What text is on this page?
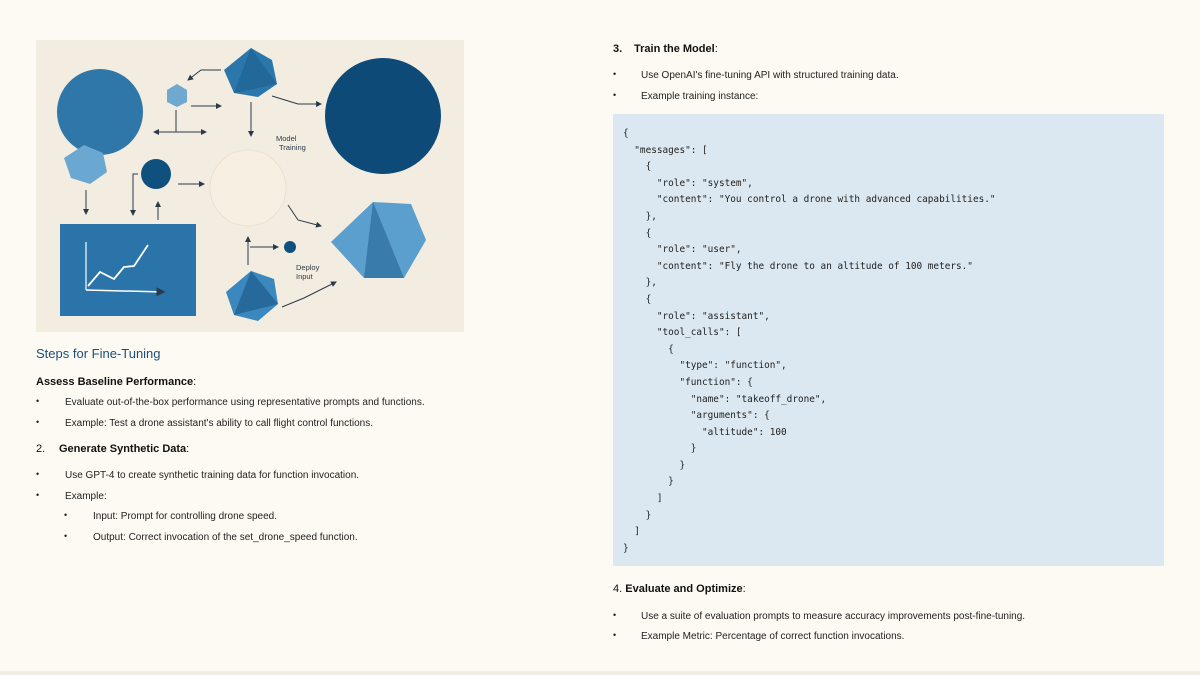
Model
Training
Deploy
Input
Steps for Fine-Tuning
Assess Baseline Performance:
•	Evaluate out-of-the-box performance using representative prompts and functions.
•	Example: Test a drone assistant's ability to call flight control functions.
2. Generate Synthetic Data:
•	Use GPT-4 to create synthetic training data for function invocation.
•	Example:
•	Input: Prompt for controlling drone speed.
•	Output: Correct invocation of the set_drone_speed function.
3. Train the Model:
• Use OpenAI's fine-tuning API with structured training data.
• Example training instance:
{
"messages": [
{
"role": "system",
"content": "You control a drone with advanced capabilities."
},
{
"role": "user",
"content": "Fly the drone to an altitude of 100 meters."
},
{
"role": "assistant",
"tool_calls": [
{
"type": "function",
"function": {
"name": "takeoff_drone",
"arguments": {
"altitude": 100
}
}
}
]
}
]
}
4. Evaluate and Optimize:
• Use a suite of evaluation prompts to measure accuracy improvements post-fine-tuning.
• Example Metric: Percentage of correct function invocations.
